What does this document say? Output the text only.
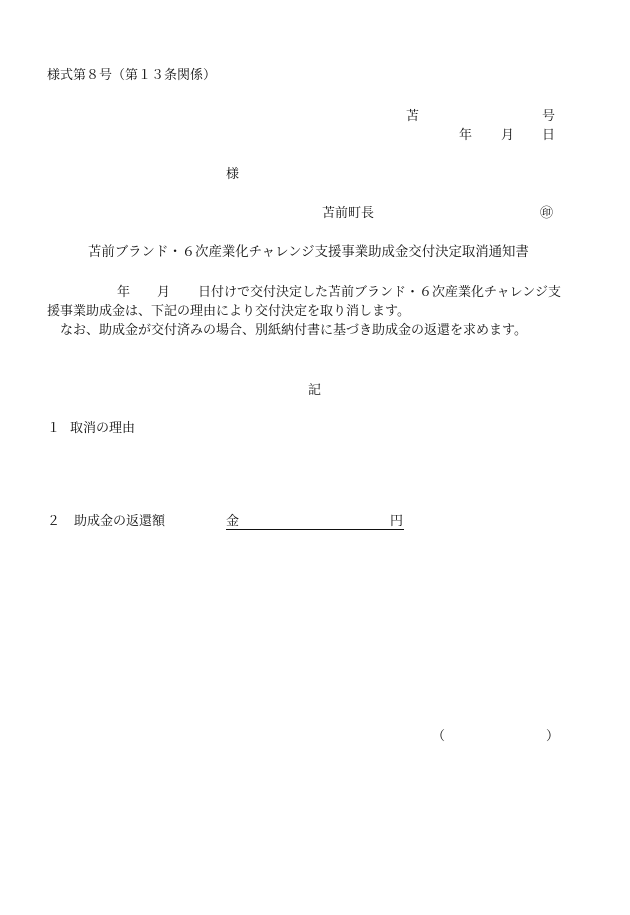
様式第８号（第１３条関係）
苫	号
年 月 日
様
苫前町長	㊞
苫前ブランド・６次産業化チャレンジ支援事業助成金交付決定取消通知書
年 月 日付けで交付決定した苫前ブランド・６次産業化チャレンジ支
援事業助成金は、下記の理由により交付決定を取り消します。
なお、助成金が交付済みの場合、別紙納付書に基づき助成金の返還を求めます。
記
１ 取消の理由
２ 助成金の返還額	金	円
（	）
